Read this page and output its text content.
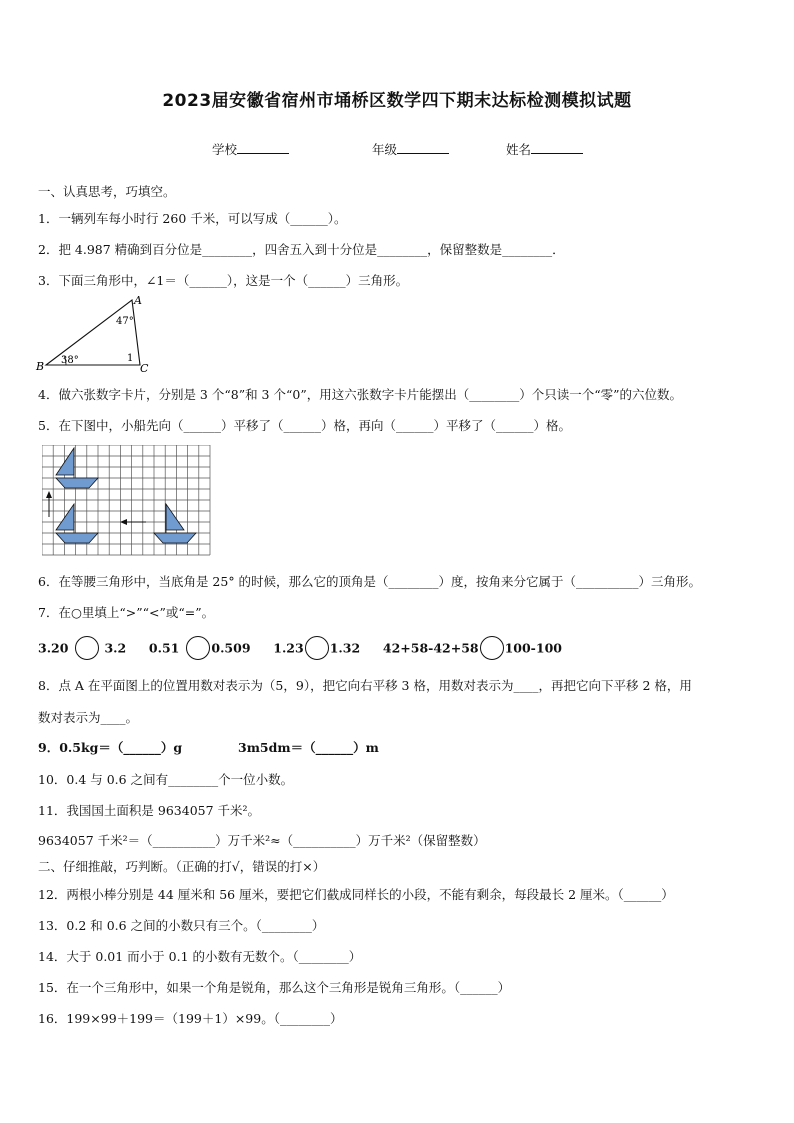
2023届安徽省宿州市埇桥区数学四下期末达标检测模拟试题
学校	年级	姓名
一、认真思考，巧填空。
1．一辆列车每小时行 260 千米，可以写成（______）。
2．把 4.987 精确到百分位是________，四舍五入到十分位是________，保留整数是________．
3．下面三角形中，∠1＝（______），这是一个（______）三角形。
A
B	C
47°
38°	1
4．做六张数字卡片，分别是 3 个“8”和 3 个“0”，用这六张数字卡片能摆出（________）个只读一个“零”的六位数。
5．在下图中，小船先向（______）平移了（______）格，再向（______）平移了（______）格。
6．在等腰三角形中，当底角是 25° 的时候，那么它的顶角是（________）度，按角来分它属于（__________）三角形。
7．在○里填上“>”“<”或“=”。
3.20	3.2 0.51	0.509 1.23 1.32 42+58-42+58 100-100
8．点 A 在平面图上的位置用数对表示为（5，9），把它向右平移 3 格，用数对表示为____，再把它向下平移 2 格，用
数对表示为____。
9．0.5kg＝（______）g	3m5dm＝（______）m
10．0.4 与 0.6 之间有________个一位小数。
11．我国国土面积是 9634057 千米²。
9634057 千米²＝（__________）万千米²≈（__________）万千米²（保留整数）
二、仔细推敲，巧判断。（正确的打√，错误的打×）
12．两根小棒分别是 44 厘米和 56 厘米，要把它们截成同样长的小段，不能有剩余，每段最长 2 厘米。（______）
13．0.2 和 0.6 之间的小数只有三个。（________）
14．大于 0.01 而小于 0.1 的小数有无数个。（________）
15．在一个三角形中，如果一个角是锐角，那么这个三角形是锐角三角形。（______）
16．199×99＋199＝（199＋1）×99。（________）
